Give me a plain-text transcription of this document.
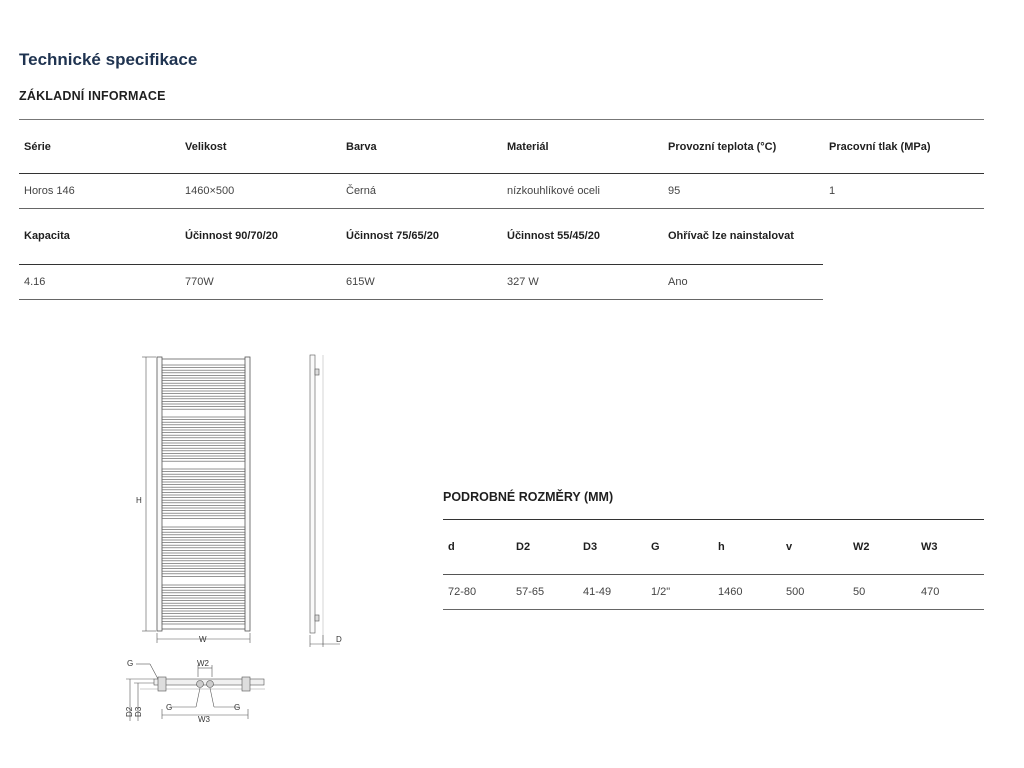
Technické specifikace
ZÁKLADNÍ INFORMACE
Série	Velikost	Barva	Materiál	Provozní teplota (°C)	Pracovní tlak (MPa)
Horos 146	1460×500	Černá	nízkouhlíkové oceli	95	1
Kapacita	Účinnost 90/70/20	Účinnost 75/65/20	Účinnost 55/45/20	Ohřívač lze nainstalovat
4.16	770W	615W	327 W	Ano
H
W	D
G	W2
G	G
W3
D2 D3
PODROBNÉ ROZMĚRY (MM)
d	D2	D3	G	h	v	W2	W3
72-80	57-65	41-49	1/2"	1460	500	50	470
